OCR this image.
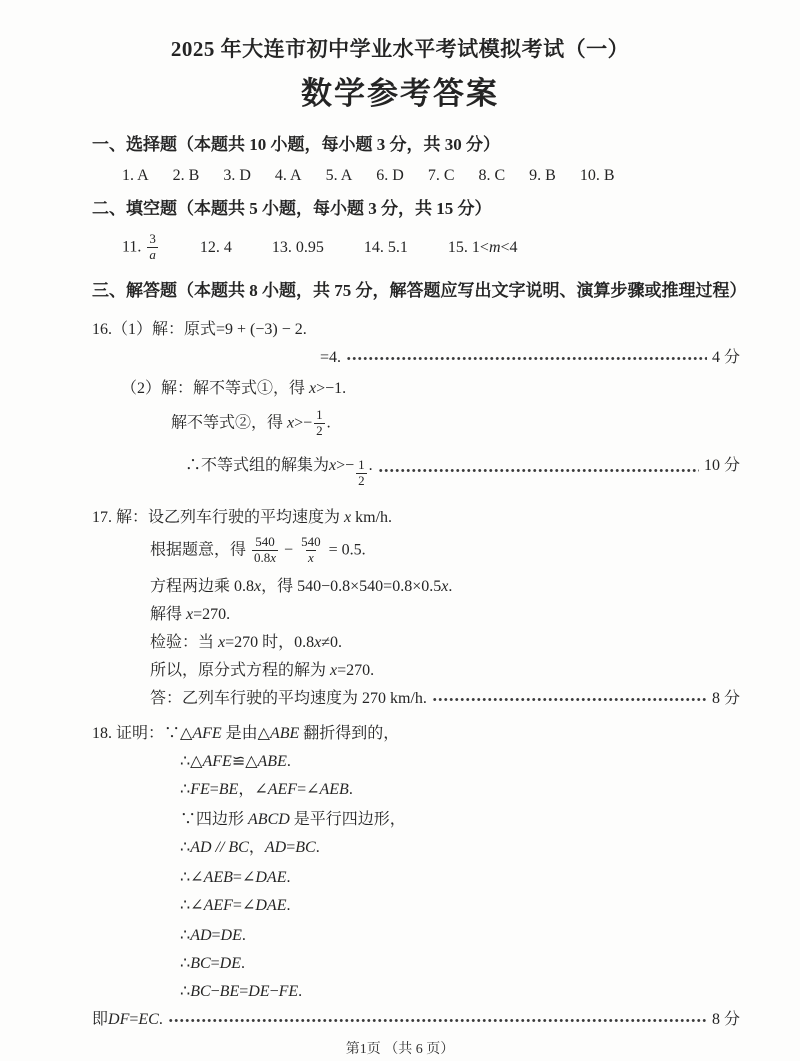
2025 年大连市初中学业水平考试模拟考试（一）
数学参考答案
一、选择题（本题共 10 小题，每小题 3 分，共 30 分）
1. A 2. B 3. D 4. A 5. A 6. D 7. C 8. C 9. B 10. B
二、填空题（本题共 5 小题，每小题 3 分，共 15 分）
11. $\frac{3}{a}$	12. 4	13. 0.95	14. 5.1	15. 1<m<4
三、解答题（本题共 8 小题，共 75 分，解答题应写出文字说明、演算步骤或推理过程）
16.（1）解：原式=9 + (−3) − 2.
=4.	4 分
（2）解：解不等式①，得 x>−1.
解不等式②，得 $x>- \frac{1}{2}$ .
∴不等式组的解集为 $x >- \frac{1}{2}$ .	10 分
17. 解：设乙列车行驶的平均速度为 x km/h.
根据题意，得 $\frac{540}{0.8x} - \frac{540}{x} = 0.5$.
方程两边乘 0.8x，得 540−0.8×540=0.8×0.5x.
解得 x=270.
检验：当 x=270 时，0.8x≠0.
所以，原分式方程的解为 x=270.
答：乙列车行驶的平均速度为 270 km/h.	8 分
18. 证明：∵△AFE 是由△ABE 翻折得到的，
∴△AFE≌△ABE.
∴FE=BE，∠AEF=∠AEB.
∵四边形 ABCD 是平行四边形，
∴AD // BC，AD=BC.
∴∠AEB=∠DAE.
∴∠AEF=∠DAE.
∴AD=DE.
∴BC=DE.
∴BC−BE=DE−FE.
即 DF = EC .	8 分
第1页 （共 6 页）
